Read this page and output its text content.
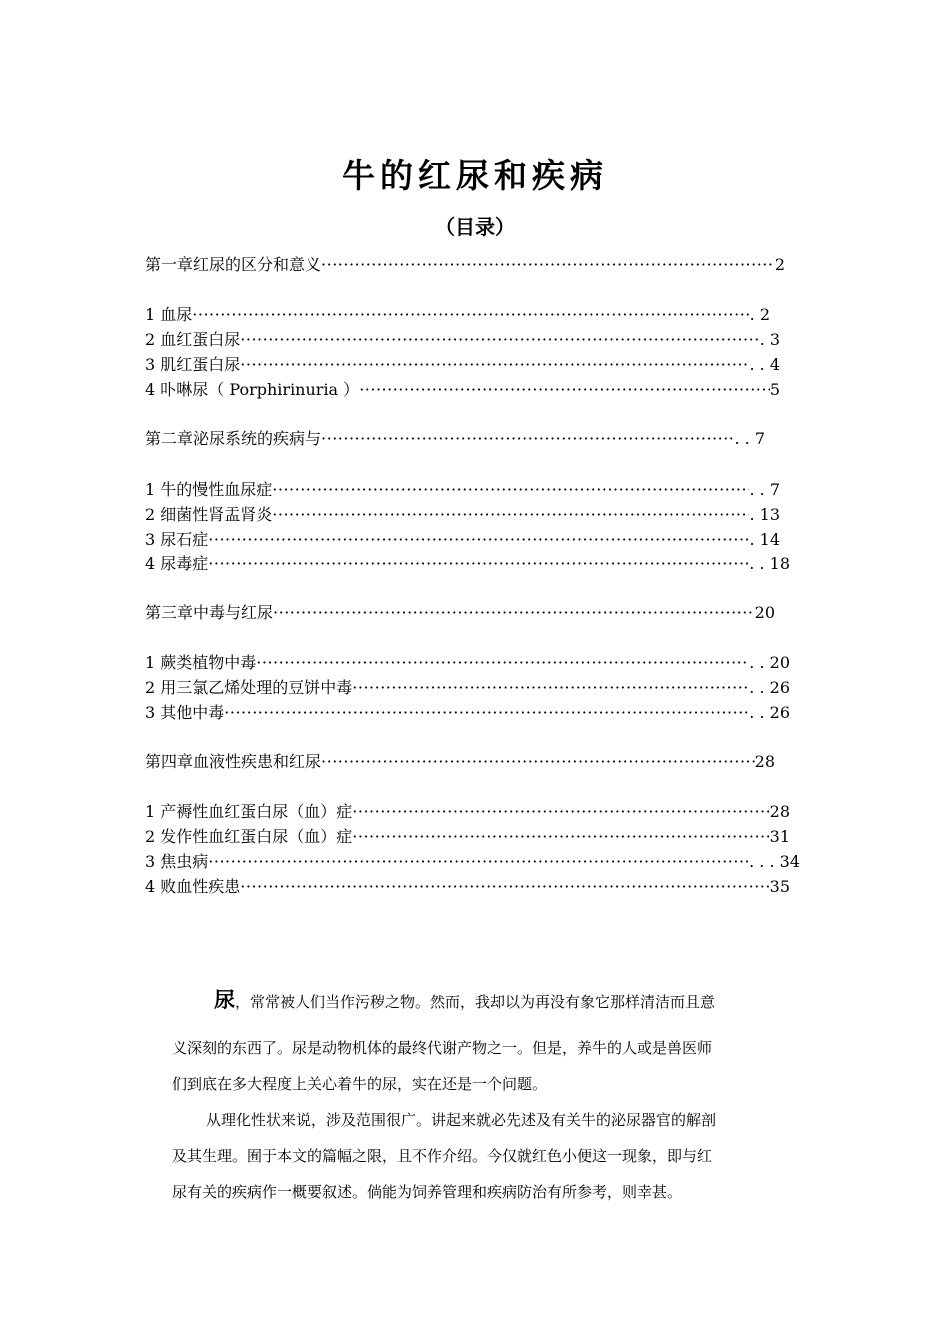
牛的红尿和疾病
（目录）
第一章红尿的区分和意义 ·····	2
1 血尿 ·····	. 2
2 血红蛋白尿 ·····	. 3
3 肌红蛋白尿 ·····	. . 4
4 卟啉尿（ Porphirinuria ） ·····	5
第二章泌尿系统的疾病与 ·····	. . 7
1 牛的慢性血尿症 ·····	. . 7
2 细菌性肾盂肾炎 ·····	. 13
3 尿石症 ·····	. 14
4 尿毒症 ·····	. . 18
第三章中毒与红尿 ·····	20
1 蕨类植物中毒 ·····	. . 20
2 用三氯乙烯处理的豆饼中毒 ·····	. . 26
3 其他中毒 ·····	. . 26
第四章血液性疾患和红尿 ·····	28
1 产褥性血红蛋白尿（血）症 ·····	28
2 发作性血红蛋白尿（血）症 ·····	31
3 焦虫病 ·····	. . . 34
4 败血性疾患 ·····	35
尿，常常被人们当作污秽之物。然而，我却以为再没有象它那样清洁而且意
义深刻的东西了。尿是动物机体的最终代谢产物之一。但是，养牛的人或是兽医师
们到底在多大程度上关心着牛的尿，实在还是一个问题。
从理化性状来说，涉及范围很广。讲起来就必先述及有关牛的泌尿器官的解剖
及其生理。囿于本文的篇幅之限，且不作介绍。今仅就红色小便这一现象，即与红
尿有关的疾病作一概要叙述。倘能为饲养管理和疾病防治有所参考，则幸甚。
